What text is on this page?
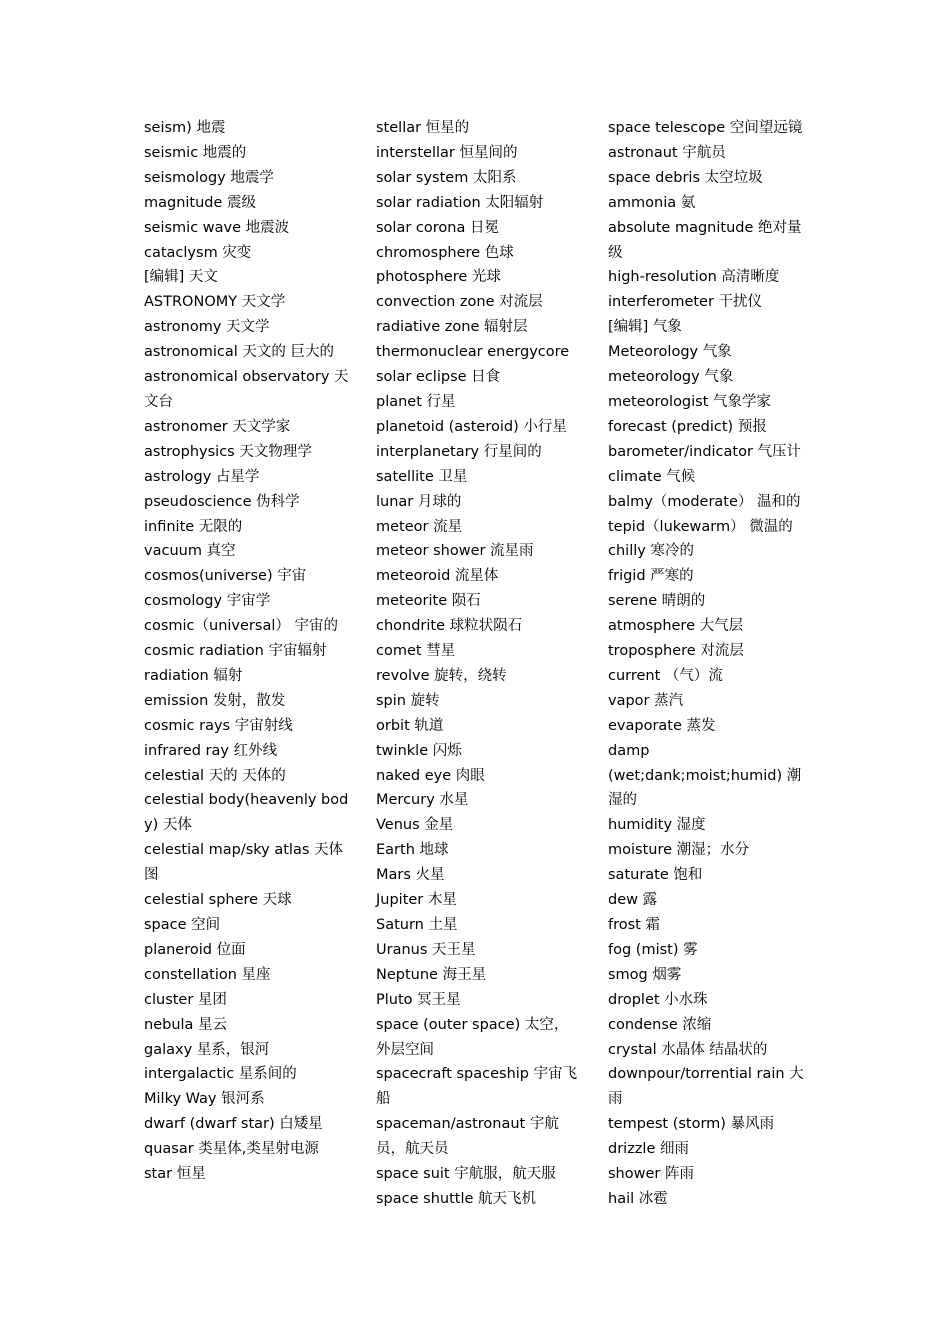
seism) 地震
seismic 地震的
seismology 地震学
magnitude 震级
seismic wave 地震波
cataclysm 灾变
[编辑] 天文
ASTRONOMY 天文学
astronomy 天文学
astronomical 天文的 巨大的
astronomical observatory 天文台
astronomer 天文学家
astrophysics 天文物理学
astrology 占星学
pseudoscience 伪科学
infinite 无限的
vacuum 真空
cosmos(universe) 宇宙
cosmology 宇宙学
cosmic（universal） 宇宙的
cosmic radiation 宇宙辐射
radiation 辐射
emission 发射，散发
cosmic rays 宇宙射线
infrared ray 红外线
celestial 天的 天体的
celestial body(heavenly body) 天体
celestial map/sky atlas 天体图
celestial sphere 天球
space 空间
planeroid 位面
constellation 星座
cluster 星团
nebula 星云
galaxy 星系，银河
intergalactic 星系间的
Milky Way 银河系
dwarf (dwarf star) 白矮星
quasar 类星体,类星射电源
star 恒星
stellar 恒星的
interstellar 恒星间的
solar system 太阳系
solar radiation 太阳辐射
solar corona 日冕
chromosphere 色球
photosphere 光球
convection zone 对流层
radiative zone 辐射层
thermonuclear energycore
solar eclipse 日食
planet 行星
planetoid (asteroid) 小行星
interplanetary 行星间的
satellite 卫星
lunar 月球的
meteor 流星
meteor shower 流星雨
meteoroid 流星体
meteorite 陨石
chondrite 球粒状陨石
comet 彗星
revolve 旋转，绕转
spin 旋转
orbit 轨道
twinkle 闪烁
naked eye 肉眼
Mercury 水星
Venus 金星
Earth 地球
Mars 火星
Jupiter 木星
Saturn 土星
Uranus 天王星
Neptune 海王星
Pluto 冥王星
space (outer space) 太空，外层空间
spacecraft spaceship 宇宙飞船
spaceman/astronaut 宇航员，航天员
space suit 宇航服，航天服
space shuttle 航天飞机
space telescope 空间望远镜
astronaut 宇航员
space debris 太空垃圾
ammonia 氨
absolute magnitude 绝对量级
high-resolution 高清晰度
interferometer 干扰仪
[编辑] 气象
Meteorology 气象
meteorology 气象
meteorologist 气象学家
forecast (predict) 预报
barometer/indicator 气压计
climate 气候
balmy（moderate） 温和的
tepid（lukewarm） 微温的
chilly 寒冷的
frigid 严寒的
serene 晴朗的
atmosphere 大气层
troposphere 对流层
current （气）流
vapor 蒸汽
evaporate 蒸发
damp
(wet;dank;moist;humid) 潮湿的
humidity 湿度
moisture 潮湿；水分
saturate 饱和
dew 露
frost 霜
fog (mist) 雾
smog 烟雾
droplet 小水珠
condense 浓缩
crystal 水晶体 结晶状的
downpour/torrential rain 大雨
tempest (storm) 暴风雨
drizzle 细雨
shower 阵雨
hail 冰雹
